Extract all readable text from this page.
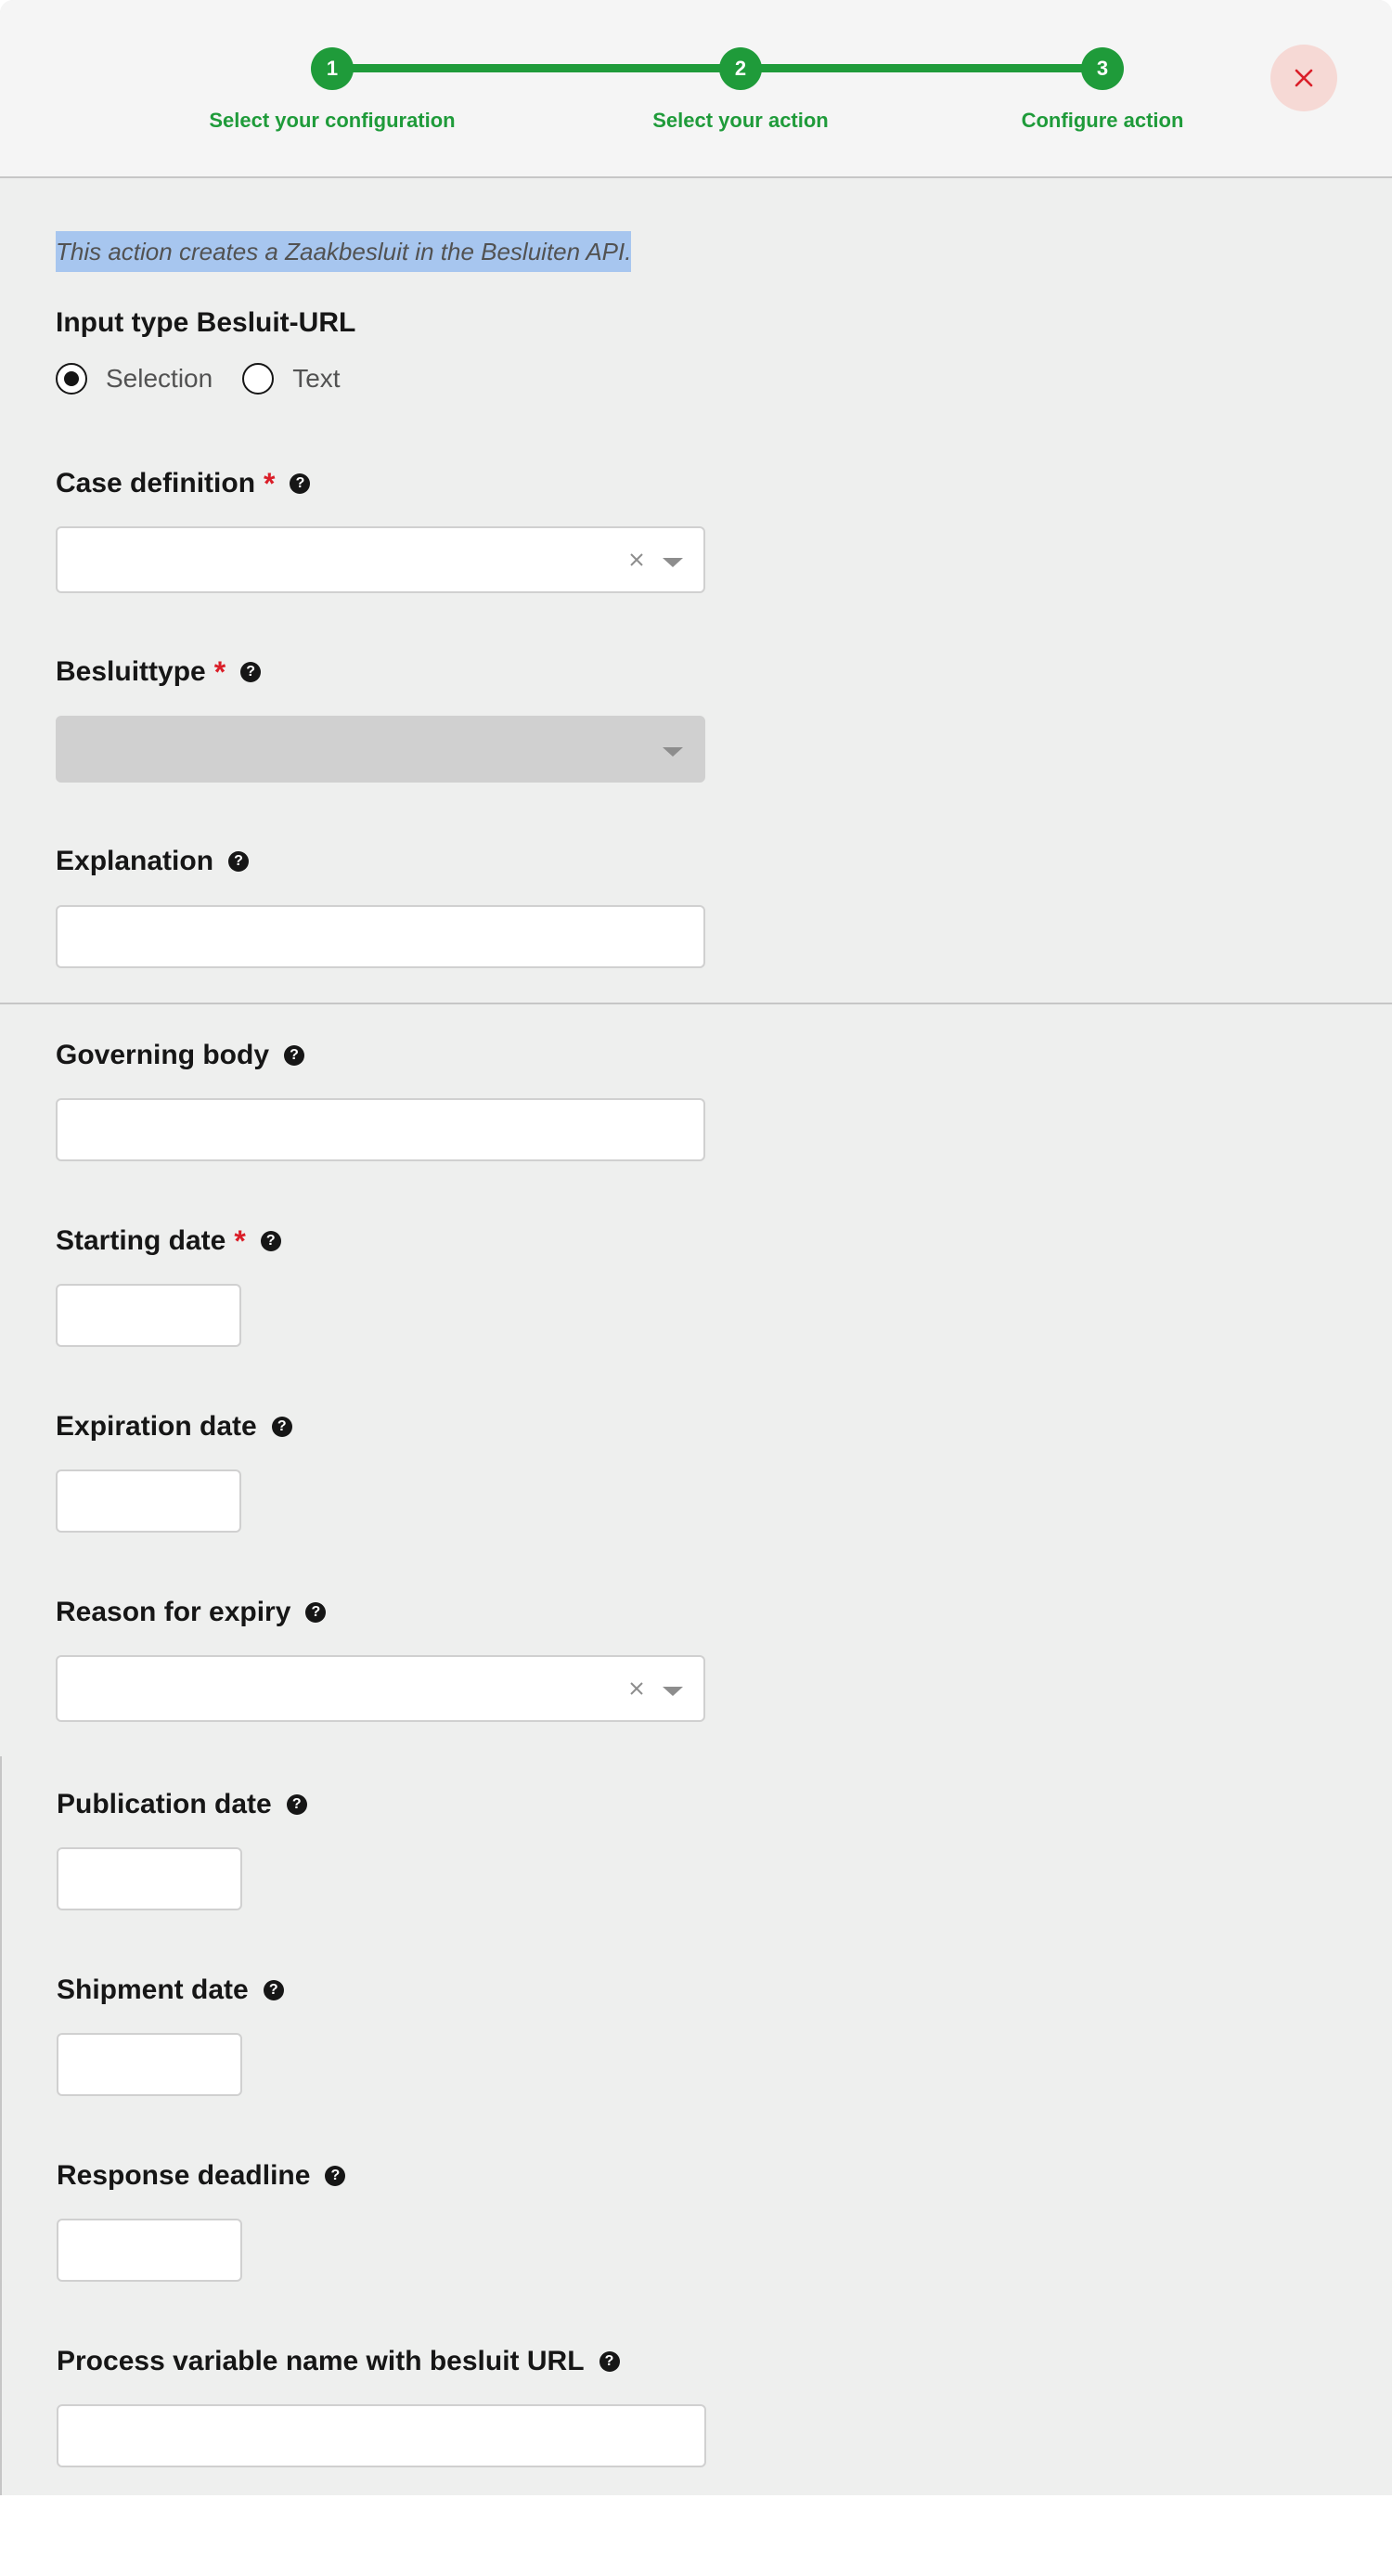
1	2	3
Select your configuration	Select your action	Configure action
This action creates a Zaakbesluit in the Besluiten API.
Input type Besluit-URL
Selection	Text
Case definition *	?
Besluittype *	?
Explanation	?
Governing body	?
Starting date *	?
Expiration date	?
Reason for expiry	?
Publication date	?
Shipment date	?
Response deadline	?
Process variable name with besluit URL	?
